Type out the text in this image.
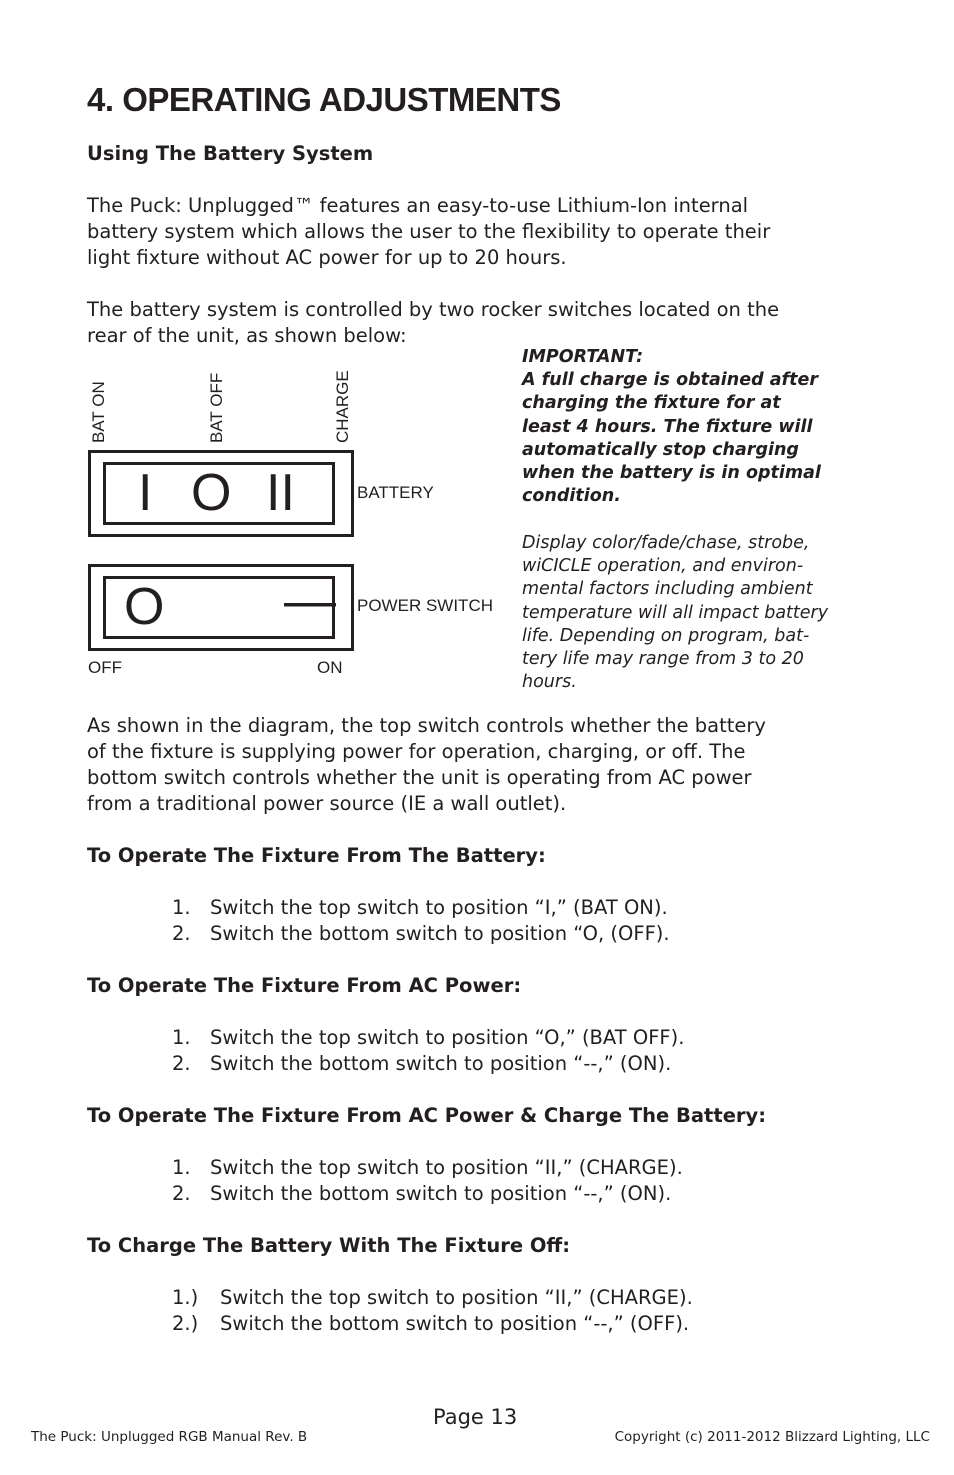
4. OPERATING ADJUSTMENTS
Using The Battery System
The Puck: Unplugged™ features an easy-to-use Lithium-Ion internal
battery system which allows the user to the flexibility to operate their
light fixture without AC power for up to 20 hours.
The battery system is controlled by two rocker switches located on the
rear of the unit, as shown below:
BAT ON	BAT OFF	CHARGE
I O II	BATTERY
O — POWER SWITCH
OFF	ON
IMPORTANT:
A full charge is obtained after
charging the fixture for at
least 4 hours. The fixture will
automatically stop charging
when the battery is in optimal
condition.
Display color/fade/chase, strobe,
wiCICLE operation, and environ-
mental factors including ambient
temperature will all impact battery
life. Depending on program, bat-
tery life may range from 3 to 20
hours.
As shown in the diagram, the top switch controls whether the battery
of the fixture is supplying power for operation, charging, or off. The
bottom switch controls whether the unit is operating from AC power
from a traditional power source (IE a wall outlet).
To Operate The Fixture From The Battery:
1. Switch the top switch to position “I,” (BAT ON).
2. Switch the bottom switch to position “O, (OFF).
To Operate The Fixture From AC Power:
1. Switch the top switch to position “O,” (BAT OFF).
2. Switch the bottom switch to position “--,” (ON).
To Operate The Fixture From AC Power & Charge The Battery:
1. Switch the top switch to position “II,” (CHARGE).
2. Switch the bottom switch to position “--,” (ON).
To Charge The Battery With The Fixture Off:
1.) Switch the top switch to position “II,” (CHARGE).
2.) Switch the bottom switch to position “--,” (OFF).
Page 13
The Puck: Unplugged RGB Manual Rev. B	Copyright (c) 2011-2012 Blizzard Lighting, LLC
